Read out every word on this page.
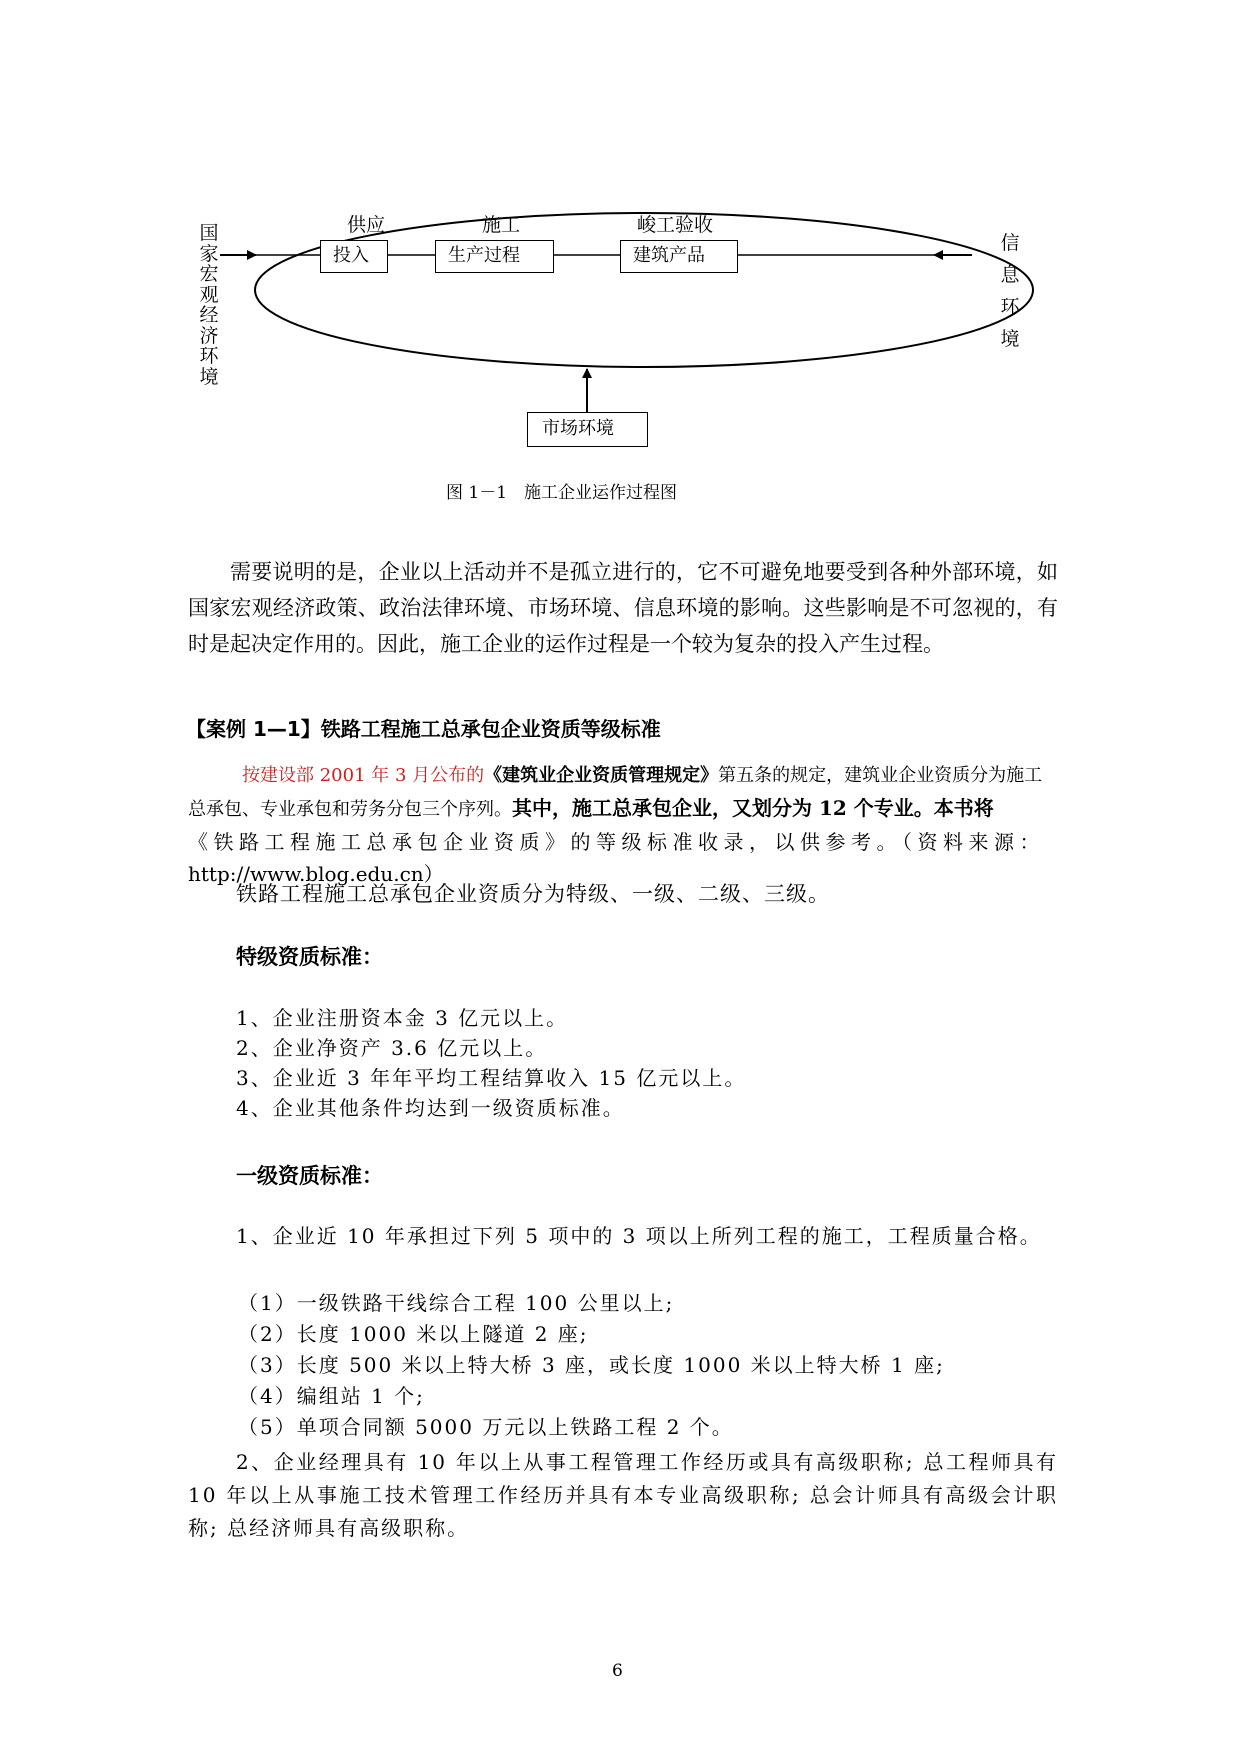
国家宏观经济环境
信息环境
供应	施工	峻工验收
投入	生产过程	建筑产品
市场环境
图 1－1　施工企业运作过程图
需要说明的是，企业以上活动并不是孤立进行的，它不可避免地要受到各种外部环境，如国家宏观经济政策、政治法律环境、市场环境、信息环境的影响。这些影响是不可忽视的，有时是起决定作用的。因此，施工企业的运作过程是一个较为复杂的投入产生过程。
【案例 1—1】铁路工程施工总承包企业资质等级标准
按建设部 2001 年 3 月公布的《建筑业企业资质管理规定》第五条的规定，建筑业企业资质分为施工
总承包、专业承包和劳务分包三个序列。其中，施工总承包企业，又划分为 12 个专业。本书将
《铁路工程施工总承包企业资质》的等级标准收录，以供参考。（资料来源：
http://www.blog.edu.cn）
铁路工程施工总承包企业资质分为特级、一级、二级、三级。
特级资质标准：
1、企业注册资本金 3 亿元以上。
2、企业净资产 3.6 亿元以上。
3、企业近 3 年年平均工程结算收入 15 亿元以上。
4、企业其他条件均达到一级资质标准。
一级资质标准：
1、企业近 10 年承担过下列 5 项中的 3 项以上所列工程的施工，工程质量合格。
（1）一级铁路干线综合工程 100 公里以上;
（2）长度 1000 米以上隧道 2 座;
（3）长度 500 米以上特大桥 3 座，或长度 1000 米以上特大桥 1 座;
（4）编组站 1 个;
（5）单项合同额 5000 万元以上铁路工程 2 个。
2、企业经理具有 10 年以上从事工程管理工作经历或具有高级职称; 总工程师具有 10 年以上从事施工技术管理工作经历并具有本专业高级职称; 总会计师具有高级会计职称; 总经济师具有高级职称。
6
